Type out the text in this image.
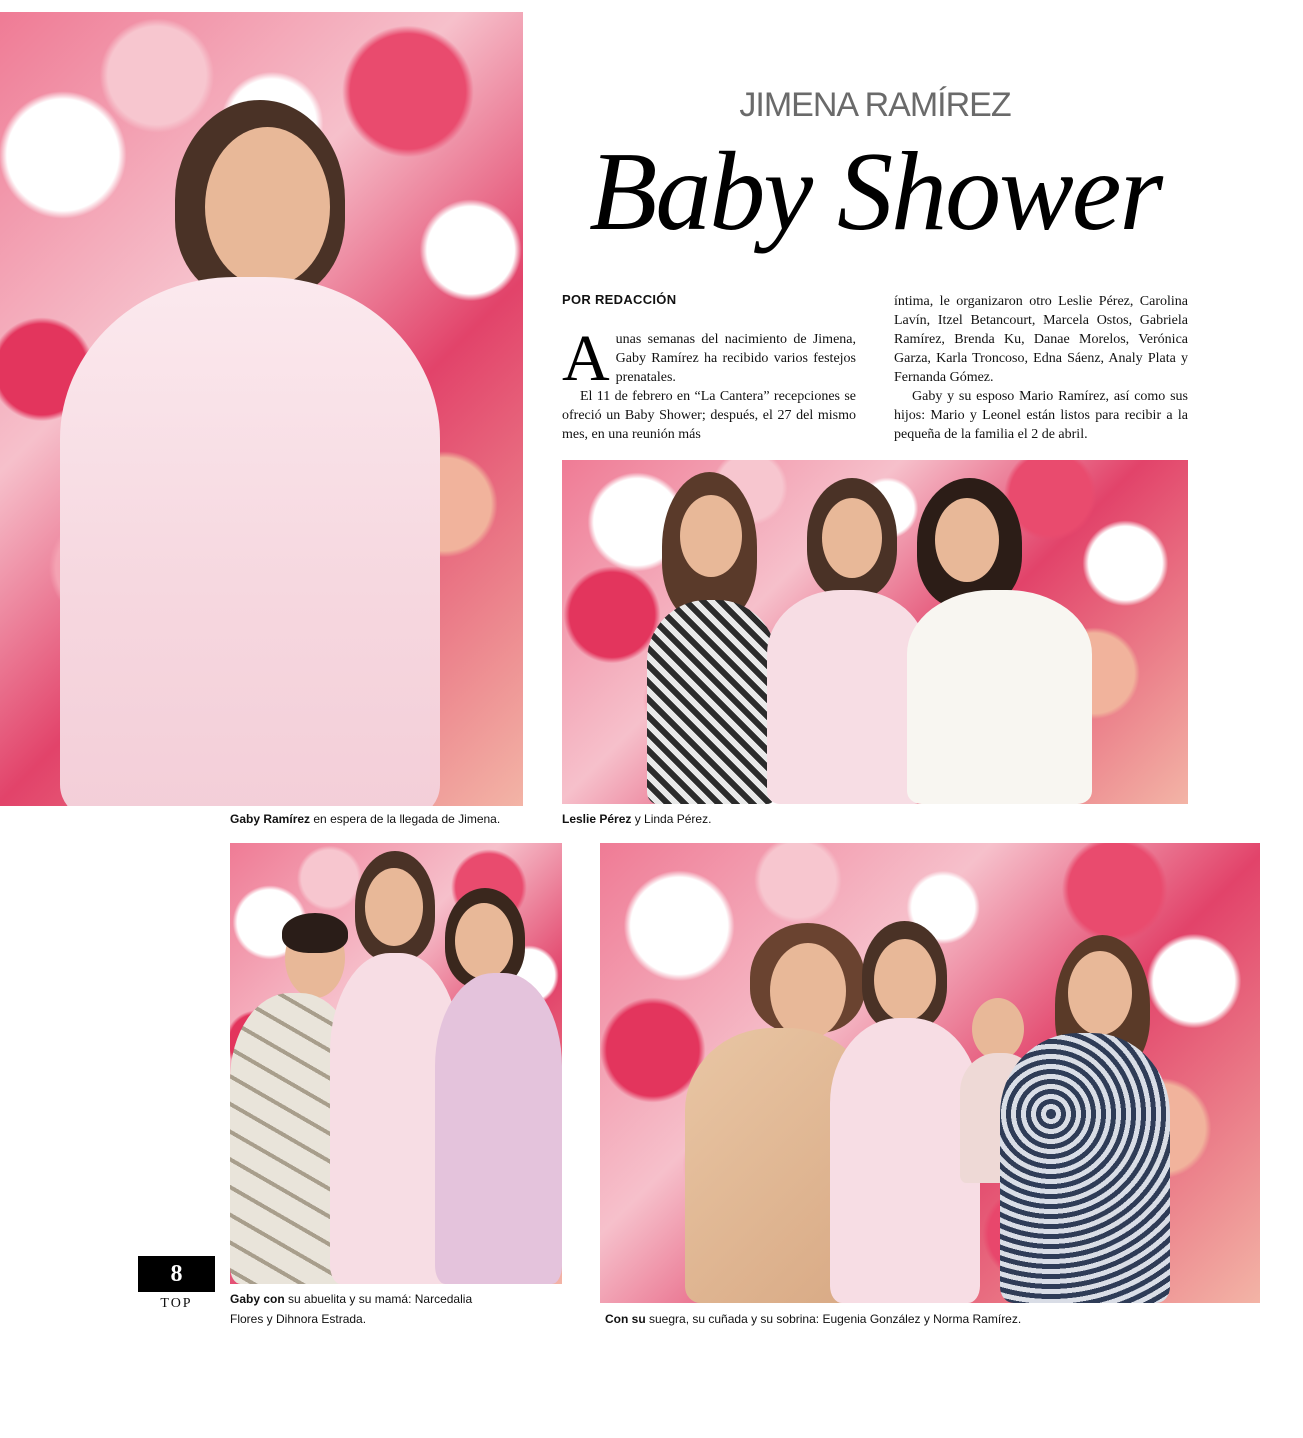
Gaby Ramírez en espera de la llegada de Jimena.
JIMENA RAMÍREZ
Baby Shower
POR REDACCIÓN

Aunas semanas del nacimiento de Jimena, Gaby Ramírez ha recibido varios festejos prenatales.

El 11 de febrero en “La Cantera” recepciones se ofreció un Baby Shower; después, el 27 del mismo mes, en una reunión más

íntima, le organizaron otro Leslie Pérez, Carolina Lavín, Itzel Betancourt, Marcela Ostos, Gabriela Ramírez, Brenda Ku, Danae Morelos, Verónica Garza, Karla Troncoso, Edna Sáenz, Analy Plata y Fernanda Gómez.

Gaby y su esposo Mario Ramírez, así como sus hijos: Mario y Leonel están listos para recibir a la pequeña de la familia el 2 de abril.

Leslie Pérez y Linda Pérez.
Gaby con su abuelita y su mamá: Narcedalia Flores y Dihnora Estrada.	Con su suegra, su cuñada y su sobrina: Eugenia González y Norma Ramírez.
8
TOP
